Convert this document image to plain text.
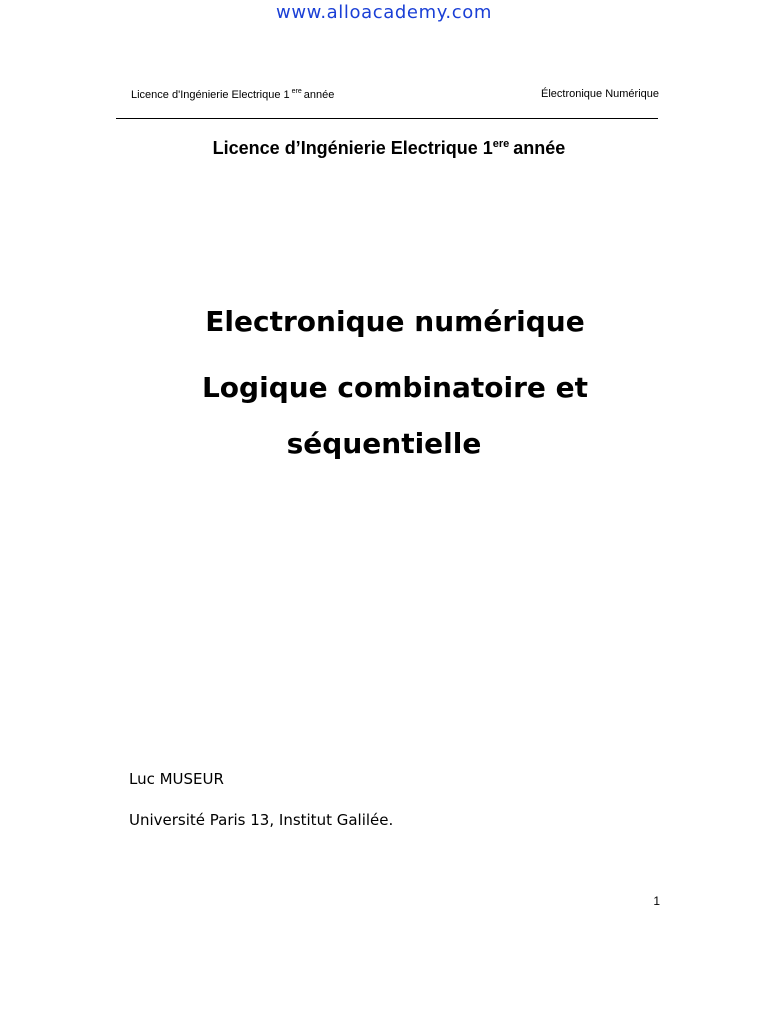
www.alloacademy.com
Licence d'Ingénierie Electrique 1 $^{ere}$ année	Électronique Numérique
Licence d’Ingénierie Electrique 1ere année
Electronique numérique
Logique combinatoire et
séquentielle
Luc MUSEUR
Université Paris 13, Institut Galilée.
1
